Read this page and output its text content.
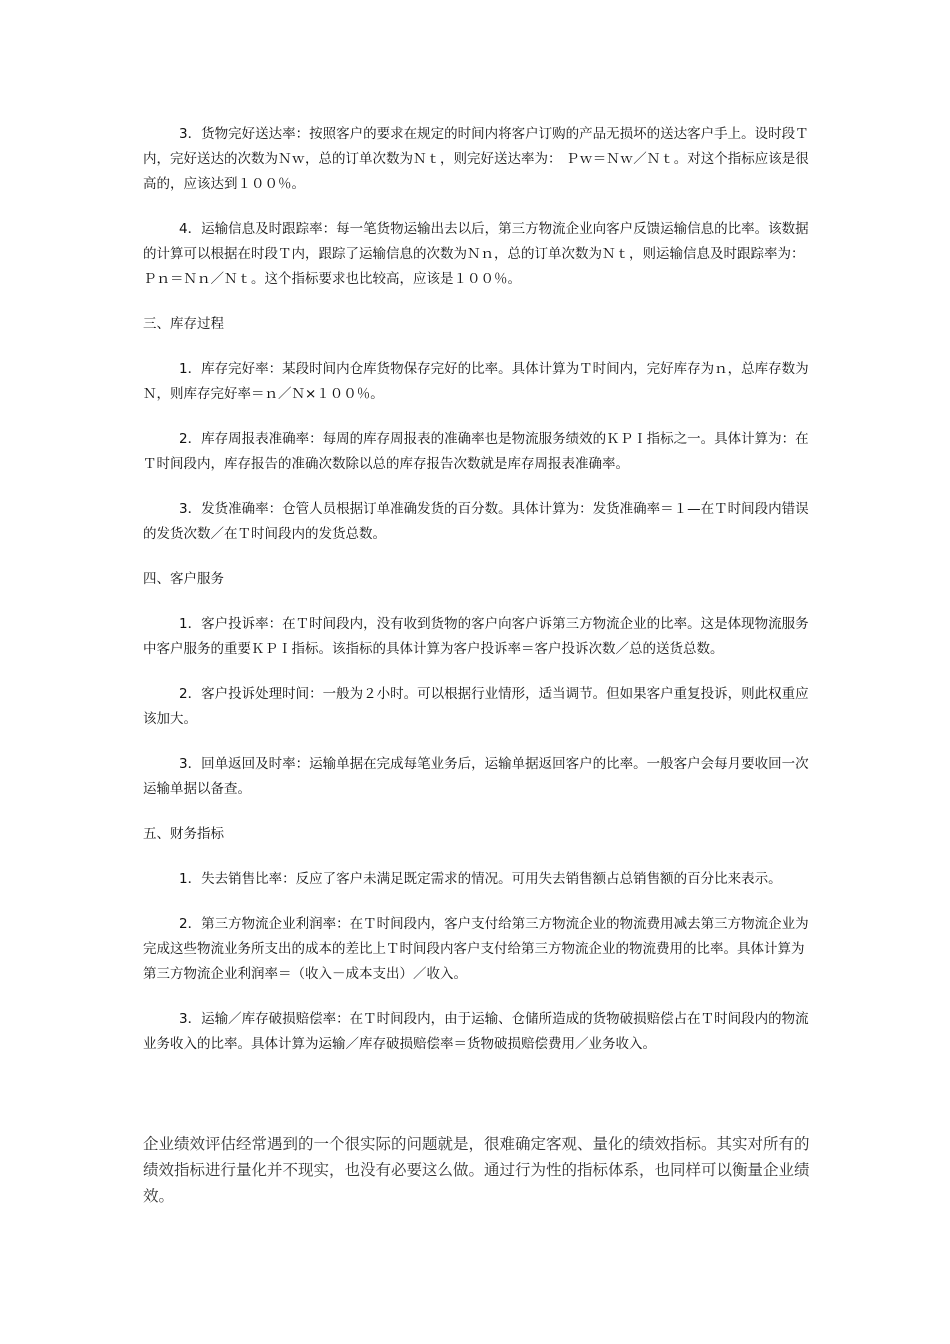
3．货物完好送达率：按照客户的要求在规定的时间内将客户订购的产品无损坏的送达客户手上。设时段Ｔ内，完好送达的次数为Ｎｗ，总的订单次数为Ｎｔ，则完好送达率为： Ｐｗ＝Ｎｗ／Ｎｔ。对这个指标应该是很高的，应该达到１００％。

4．运输信息及时跟踪率：每一笔货物运输出去以后，第三方物流企业向客户反馈运输信息的比率。该数据的计算可以根据在时段Ｔ内，跟踪了运输信息的次数为Ｎｎ，总的订单次数为Ｎｔ，则运输信息及时跟踪率为： Ｐｎ＝Ｎｎ／Ｎｔ。这个指标要求也比较高，应该是１００％。

三、库存过程

1．库存完好率：某段时间内仓库货物保存完好的比率。具体计算为Ｔ时间内，完好库存为ｎ，总库存数为Ｎ，则库存完好率＝ｎ／Ｎ×１００％。

2．库存周报表准确率：每周的库存周报表的准确率也是物流服务绩效的ＫＰＩ指标之一。具体计算为：在Ｔ时间段内，库存报告的准确次数除以总的库存报告次数就是库存周报表准确率。

3．发货准确率：仓管人员根据订单准确发货的百分数。具体计算为：发货准确率＝１—在Ｔ时间段内错误的发货次数／在Ｔ时间段内的发货总数。

四、客户服务

1．客户投诉率：在Ｔ时间段内，没有收到货物的客户向客户诉第三方物流企业的比率。这是体现物流服务中客户服务的重要ＫＰＩ指标。该指标的具体计算为客户投诉率＝客户投诉次数／总的送货总数。

2．客户投诉处理时间：一般为２小时。可以根据行业情形，适当调节。但如果客户重复投诉，则此权重应该加大。

3．回单返回及时率：运输单据在完成每笔业务后，运输单据返回客户的比率。一般客户会每月要收回一次运输单据以备查。

五、财务指标

1．失去销售比率：反应了客户未满足既定需求的情况。可用失去销售额占总销售额的百分比来表示。

2．第三方物流企业利润率：在Ｔ时间段内，客户支付给第三方物流企业的物流费用减去第三方物流企业为完成这些物流业务所支出的成本的差比上Ｔ时间段内客户支付给第三方物流企业的物流费用的比率。具体计算为第三方物流企业利润率＝（收入－成本支出）／收入。

3．运输／库存破损赔偿率：在Ｔ时间段内，由于运输、仓储所造成的货物破损赔偿占在Ｔ时间段内的物流业务收入的比率。具体计算为运输／库存破损赔偿率＝货物破损赔偿费用／业务收入。

企业绩效评估经常遇到的一个很实际的问题就是，很难确定客观、量化的绩效指标。其实对所有的绩效指标进行量化并不现实，也没有必要这么做。通过行为性的指标体系，也同样可以衡量企业绩效。
